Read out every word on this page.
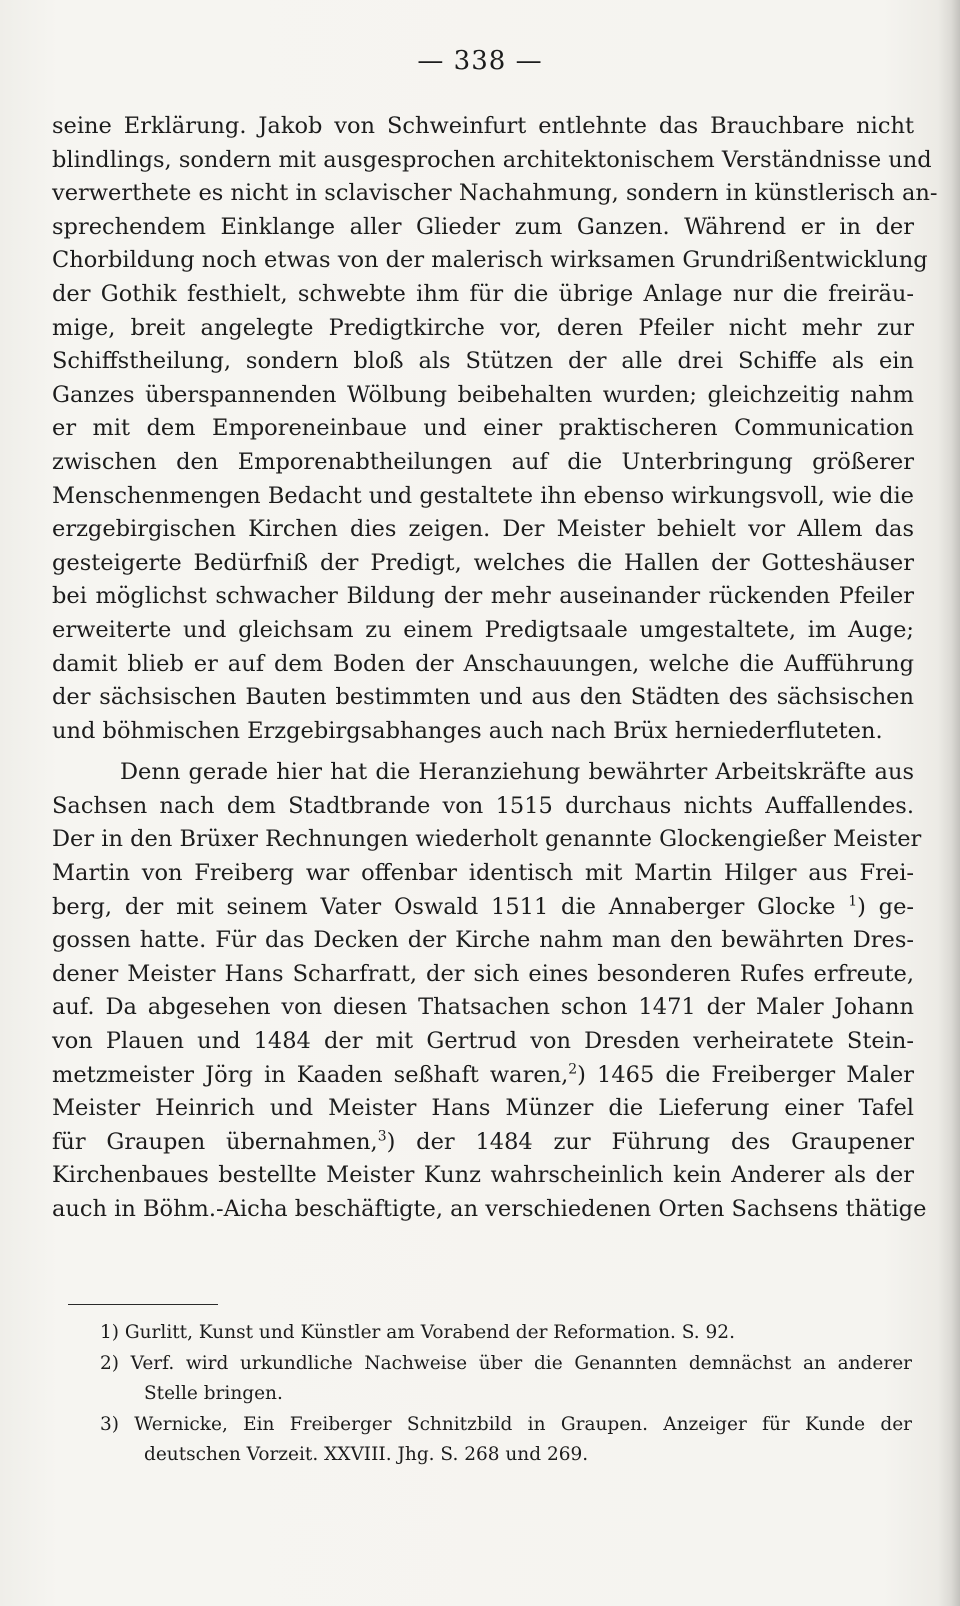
— 338 —
seine Erklärung. Jakob von Schweinfurt entlehnte das Brauchbare nicht
blindlings, sondern mit ausgesprochen architektonischem Verständnisse und
verwerthete es nicht in sclavischer Nachahmung, sondern in künstlerisch an-
sprechendem Einklange aller Glieder zum Ganzen. Während er in der
Chorbildung noch etwas von der malerisch wirksamen Grundrißentwicklung
der Gothik festhielt, schwebte ihm für die übrige Anlage nur die freiräu-
mige, breit angelegte Predigtkirche vor, deren Pfeiler nicht mehr zur
Schiffstheilung, sondern bloß als Stützen der alle drei Schiffe als ein
Ganzes überspannenden Wölbung beibehalten wurden; gleichzeitig nahm
er mit dem Emporeneinbaue und einer praktischeren Communication
zwischen den Emporenabtheilungen auf die Unterbringung größerer
Menschenmengen Bedacht und gestaltete ihn ebenso wirkungsvoll, wie die
erzgebirgischen Kirchen dies zeigen. Der Meister behielt vor Allem das
gesteigerte Bedürfniß der Predigt, welches die Hallen der Gotteshäuser
bei möglichst schwacher Bildung der mehr auseinander rückenden Pfeiler
erweiterte und gleichsam zu einem Predigtsaale umgestaltete, im Auge;
damit blieb er auf dem Boden der Anschauungen, welche die Aufführung
der sächsischen Bauten bestimmten und aus den Städten des sächsischen
und böhmischen Erzgebirgsabhanges auch nach Brüx herniederfluteten.
Denn gerade hier hat die Heranziehung bewährter Arbeitskräfte aus
Sachsen nach dem Stadtbrande von 1515 durchaus nichts Auffallendes.
Der in den Brüxer Rechnungen wiederholt genannte Glockengießer Meister
Martin von Freiberg war offenbar identisch mit Martin Hilger aus Frei-
berg, der mit seinem Vater Oswald 1511 die Annaberger Glocke $^1$) ge-
gossen hatte. Für das Decken der Kirche nahm man den bewährten Dres-
dener Meister Hans Scharfratt, der sich eines besonderen Rufes erfreute,
auf. Da abgesehen von diesen Thatsachen schon 1471 der Maler Johann
von Plauen und 1484 der mit Gertrud von Dresden verheiratete Stein-
metzmeister Jörg in Kaaden seßhaft waren,$^2$) 1465 die Freiberger Maler
Meister Heinrich und Meister Hans Münzer die Lieferung einer Tafel
für Graupen übernahmen,$^3$) der 1484 zur Führung des Graupener
Kirchenbaues bestellte Meister Kunz wahrscheinlich kein Anderer als der
auch in Böhm.-Aicha beschäftigte, an verschiedenen Orten Sachsens thätige
1) Gurlitt, Kunst und Künstler am Vorabend der Reformation. S. 92.
2) Verf. wird urkundliche Nachweise über die Genannten demnächst an anderer
Stelle bringen.
3) Wernicke, Ein Freiberger Schnitzbild in Graupen. Anzeiger für Kunde der
deutschen Vorzeit. XXVIII. Jhg. S. 268 und 269.
